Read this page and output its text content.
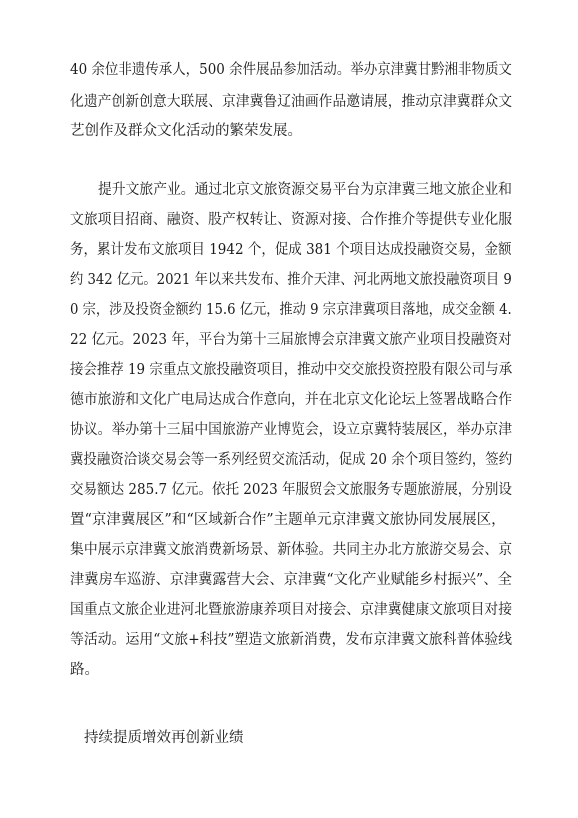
40 余位非遗传承人，500 余件展品参加活动。举办京津冀甘黔湘非物质文
化遗产创新创意大联展、京津冀鲁辽油画作品邀请展，推动京津冀群众文
艺创作及群众文化活动的繁荣发展。
提升文旅产业。通过北京文旅资源交易平台为京津冀三地文旅企业和
文旅项目招商、融资、股产权转让、资源对接、合作推介等提供专业化服
务，累计发布文旅项目 1942 个，促成 381 个项目达成投融资交易，金额
约 342 亿元。2021 年以来共发布、推介天津、河北两地文旅投融资项目 9
0 宗，涉及投资金额约 15.6 亿元，推动 9 宗京津冀项目落地，成交金额 4.
22 亿元。2023 年，平台为第十三届旅博会京津冀文旅产业项目投融资对
接会推荐 19 宗重点文旅投融资项目，推动中交交旅投资控股有限公司与承
德市旅游和文化广电局达成合作意向，并在北京文化论坛上签署战略合作
协议。举办第十三届中国旅游产业博览会，设立京冀特装展区，举办京津
冀投融资洽谈交易会等一系列经贸交流活动，促成 20 余个项目签约，签约
交易额达 285.7 亿元。依托 2023 年服贸会文旅服务专题旅游展，分别设
置“京津冀展区”和“区域新合作”主题单元京津冀文旅协同发展展区，
集中展示京津冀文旅消费新场景、新体验。共同主办北方旅游交易会、京
津冀房车巡游、京津冀露营大会、京津冀“文化产业赋能乡村振兴”、全
国重点文旅企业进河北暨旅游康养项目对接会、京津冀健康文旅项目对接
等活动。运用“文旅+科技”塑造文旅新消费，发布京津冀文旅科普体验线
路。
持续提质增效再创新业绩
